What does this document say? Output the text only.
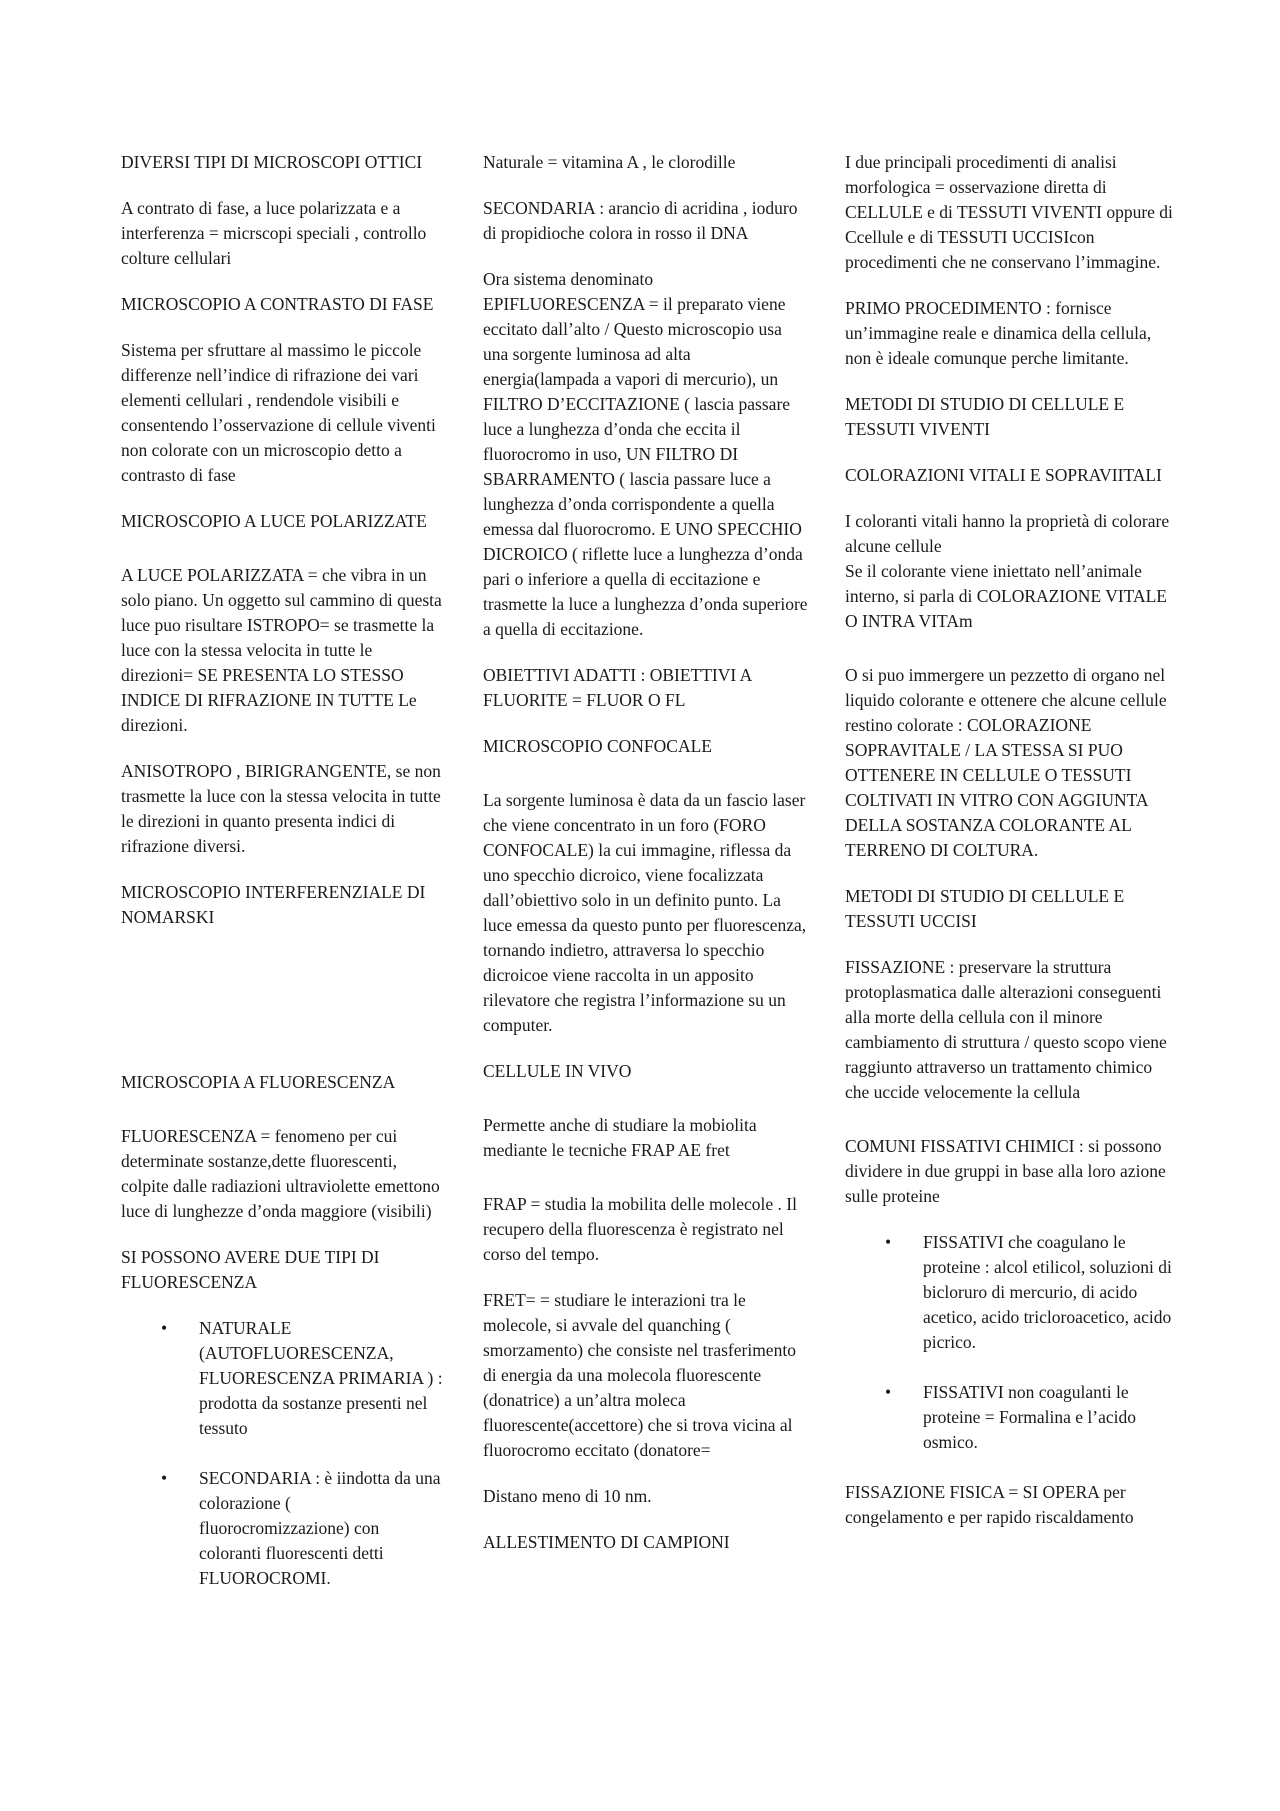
DIVERSI TIPI DI MICROSCOPI OTTICI

A contrato di fase, a luce polarizzata e a interferenza = micrscopi speciali , controllo colture cellulari

MICROSCOPIO A CONTRASTO DI FASE

Sistema per sfruttare al massimo le piccole differenze nell’indice di rifrazione dei vari elementi cellulari , rendendole visibili e consentendo l’osservazione di cellule viventi non colorate con un microscopio detto a contrasto di fase

MICROSCOPIO A LUCE POLARIZZATE

A LUCE POLARIZZATA = che vibra in un solo piano. Un oggetto sul cammino di questa luce puo risultare ISTROPO= se trasmette la luce con la stessa velocita in tutte le direzioni= SE PRESENTA LO STESSO INDICE DI RIFRAZIONE IN TUTTE Le direzioni.

ANISOTROPO , BIRIGRANGENTE, se non trasmette la luce con la stessa velocita in tutte le direzioni in quanto presenta indici di rifrazione diversi.

MICROSCOPIO INTERFERENZIALE DI NOMARSKI

MICROSCOPIA A FLUORESCENZA

FLUORESCENZA = fenomeno per cui determinate sostanze,dette fluorescenti, colpite dalle radiazioni ultraviolette emettono luce di lunghezze d’onda maggiore (visibili)

SI POSSONO AVERE DUE TIPI DI FLUORESCENZA

• NATURALE (AUTOFLUORESCENZA, FLUORESCENZA PRIMARIA ) : prodotta da sostanze presenti nel tessuto
• SECONDARIA : è iindotta da una colorazione ( fluorocromizzazione) con coloranti fluorescenti detti FLUOROCROMI.

Naturale = vitamina A , le clorodille

SECONDARIA : arancio di acridina , ioduro di propidioche colora in rosso il DNA

Ora sistema denominato EPIFLUORESCENZA = il preparato viene eccitato dall’alto / Questo microscopio usa una sorgente luminosa ad alta energia(lampada a vapori di mercurio), un FILTRO D’ECCITAZIONE ( lascia passare luce a lunghezza d’onda che eccita il fluorocromo in uso, UN FILTRO DI SBARRAMENTO ( lascia passare luce a lunghezza d’onda corrispondente a quella emessa dal fluorocromo. E UNO SPECCHIO DICROICO ( riflette luce a lunghezza d’onda pari o inferiore a quella di eccitazione e trasmette la luce a lunghezza d’onda superiore a quella di eccitazione.

OBIETTIVI ADATTI : OBIETTIVI A FLUORITE = FLUOR O FL

MICROSCOPIO CONFOCALE

La sorgente luminosa è data da un fascio laser che viene concentrato in un foro (FORO CONFOCALE) la cui immagine, riflessa da uno specchio dicroico, viene focalizzata dall’obiettivo solo in un definito punto. La luce emessa da questo punto per fluorescenza, tornando indietro, attraversa lo specchio dicroicoe viene raccolta in un apposito rilevatore che registra l’informazione su un computer.

CELLULE IN VIVO

Permette anche di studiare la mobiolita mediante le tecniche FRAP AE fret

FRAP = studia la mobilita delle molecole . Il recupero della fluorescenza è registrato nel corso del tempo.

FRET= = studiare le interazioni tra le molecole, si avvale del quanching ( smorzamento) che consiste nel trasferimento di energia da una molecola fluorescente (donatrice) a un’altra moleca fluorescente(accettore) che si trova vicina al fluorocromo eccitato (donatore=

Distano meno di 10 nm.

ALLESTIMENTO DI CAMPIONI

I due principali procedimenti di analisi morfologica = osservazione diretta di CELLULE e di TESSUTI VIVENTI oppure di Ccellule e di TESSUTI UCCISIcon procedimenti che ne conservano l’immagine.

PRIMO PROCEDIMENTO : fornisce un’immagine reale e dinamica della cellula, non è ideale comunque perche limitante.

METODI DI STUDIO DI CELLULE E TESSUTI VIVENTI

COLORAZIONI VITALI E SOPRAVIITALI

I coloranti vitali hanno la proprietà di colorare alcune cellule

Se il colorante viene iniettato nell’animale interno, si parla di COLORAZIONE VITALE O INTRA VITAm

O si puo immergere un pezzetto di organo nel liquido colorante e ottenere che alcune cellule restino colorate : COLORAZIONE SOPRAVITALE / LA STESSA SI PUO OTTENERE IN CELLULE O TESSUTI COLTIVATI IN VITRO CON AGGIUNTA DELLA SOSTANZA COLORANTE AL TERRENO DI COLTURA.

METODI DI STUDIO DI CELLULE E TESSUTI UCCISI

FISSAZIONE : preservare la struttura protoplasmatica dalle alterazioni conseguenti alla morte della cellula con il minore cambiamento di struttura / questo scopo viene raggiunto attraverso un trattamento chimico che uccide velocemente la cellula

COMUNI FISSATIVI CHIMICI : si possono dividere in due gruppi in base alla loro azione sulle proteine

• FISSATIVI che coagulano le proteine : alcol etilicol, soluzioni di bicloruro di mercurio, di acido acetico, acido tricloroacetico, acido picrico.
• FISSATIVI non coagulanti le proteine = Formalina e l’acido osmico.

FISSAZIONE FISICA = SI OPERA per congelamento e per rapido riscaldamento
